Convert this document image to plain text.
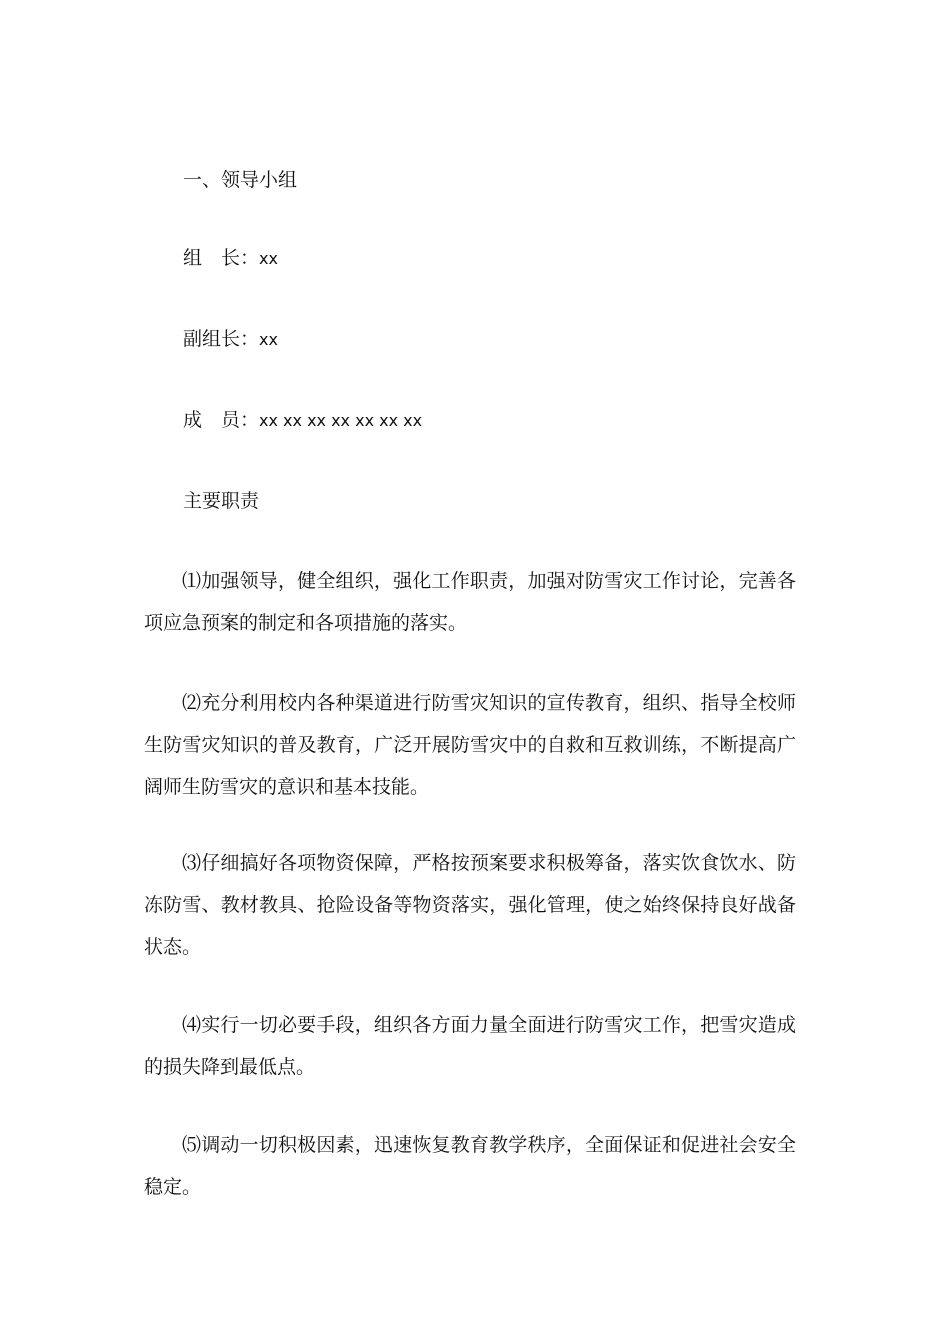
一、领导小组
组　长：xx
副组长：xx
成　员：xx xx xx xx xx xx xx
主要职责
⑴加强领导，健全组织，强化工作职责，加强对防雪灾工作讨论，完善各项应急预案的制定和各项措施的落实。
⑵充分利用校内各种渠道进行防雪灾知识的宣传教育，组织、指导全校师生防雪灾知识的普及教育，广泛开展防雪灾中的自救和互救训练，不断提高广阔师生防雪灾的意识和基本技能。
⑶仔细搞好各项物资保障，严格按预案要求积极筹备，落实饮食饮水、防冻防雪、教材教具、抢险设备等物资落实，强化管理，使之始终保持良好战备状态。
⑷实行一切必要手段，组织各方面力量全面进行防雪灾工作，把雪灾造成的损失降到最低点。
⑸调动一切积极因素，迅速恢复教育教学秩序，全面保证和促进社会安全稳定。
